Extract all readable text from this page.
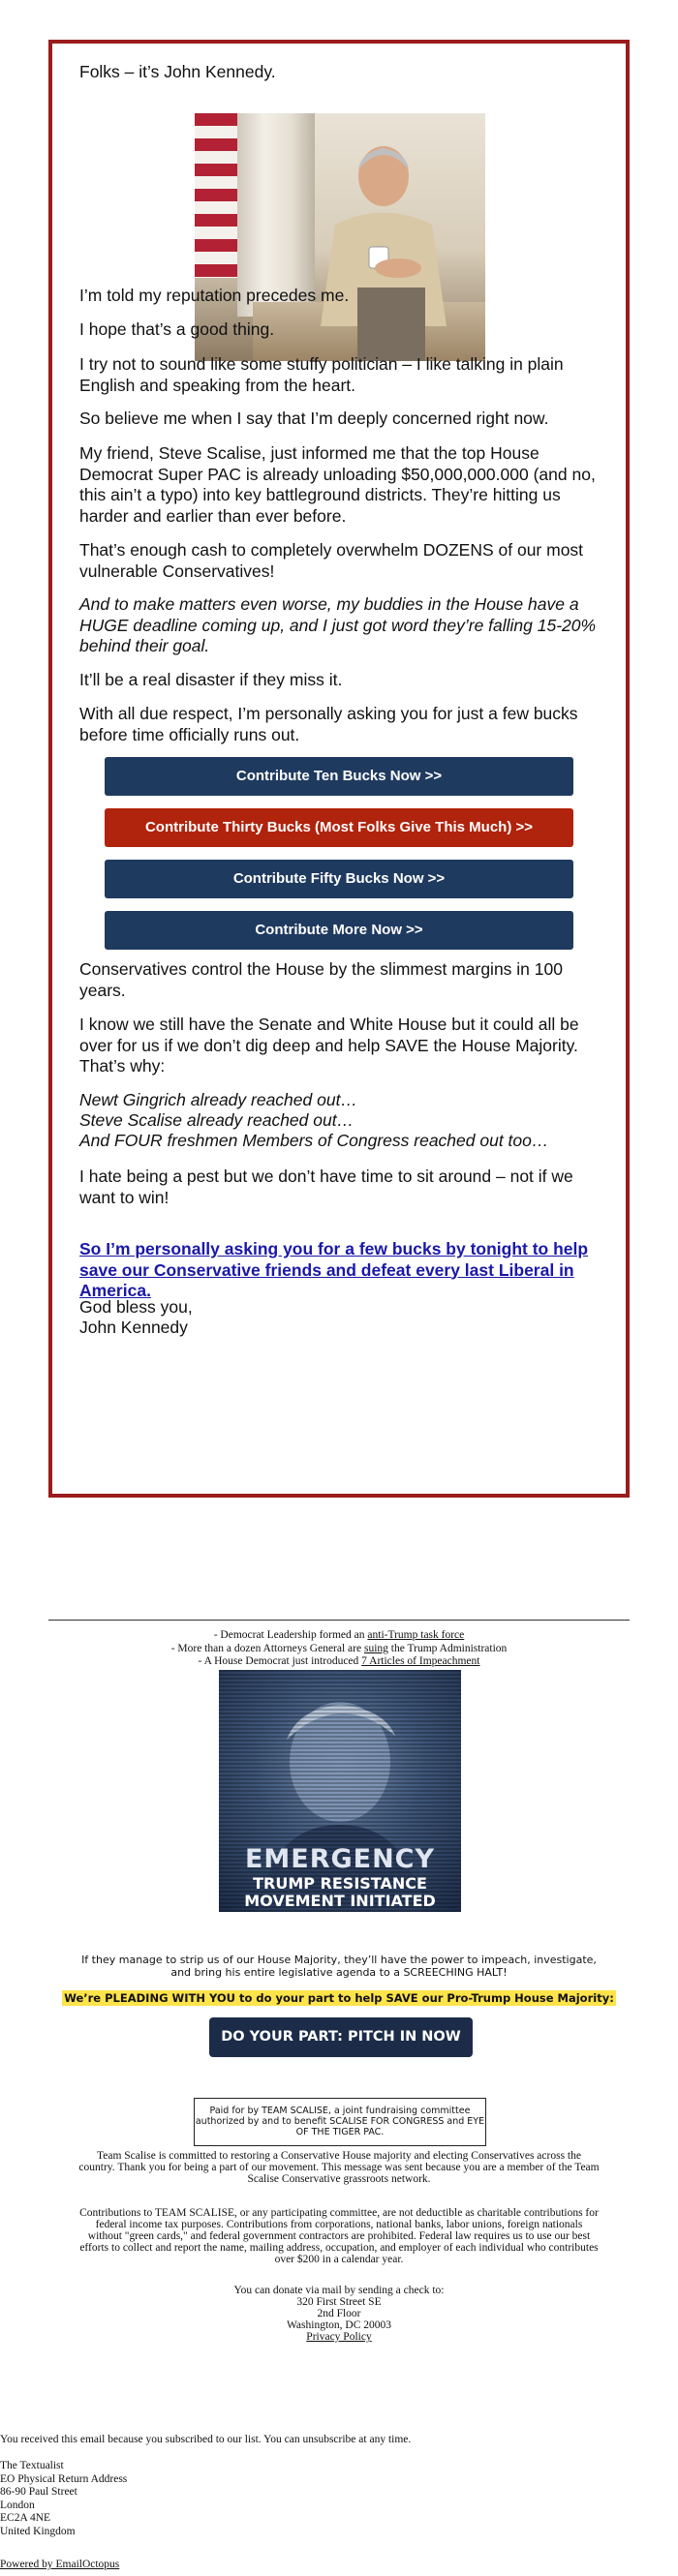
Folks – it’s John Kennedy.

I’m told my reputation precedes me.

I hope that’s a good thing.

I try not to sound like some stuffy politician – I like talking in plain English and speaking from the heart.

So believe me when I say that I’m deeply concerned right now.

My friend, Steve Scalise, just informed me that the top House Democrat Super PAC is already unloading $50,000,000.000 (and no, this ain’t a typo) into key battleground districts. They’re hitting us harder and earlier than ever before.

That’s enough cash to completely overwhelm DOZENS of our most vulnerable Conservatives!

And to make matters even worse, my buddies in the House have a HUGE deadline coming up, and I just got word they’re falling 15-20% behind their goal.

It’ll be a real disaster if they miss it.

With all due respect, I’m personally asking you for just a few bucks before time officially runs out.

Contribute Ten Bucks Now >>
Contribute Thirty Bucks (Most Folks Give This Much) >>
Contribute Fifty Bucks Now >>
Contribute More Now >>

Conservatives control the House by the slimmest margins in 100 years.

I know we still have the Senate and White House but it could all be over for us if we don’t dig deep and help SAVE the House Majority. That’s why:

Newt Gingrich already reached out…

Steve Scalise already reached out…

And FOUR freshmen Members of Congress reached out too…

I hate being a pest but we don’t have time to sit around – not if we want to win!

So I’m personally asking you for a few bucks by tonight to help save our Conservative friends and defeat every last Liberal in America.

God bless you,

John Kennedy

- Democrat Leadership formed an anti-Trump task force
- More than a dozen Attorneys General are suing the Trump Administration
- A House Democrat just introduced 7 Articles of Impeachment
EMERGENCY
TRUMP RESISTANCE
MOVEMENT INITIATED
If they manage to strip us of our House Majority, they’ll have the power to impeach, investigate, and bring his entire legislative agenda to a SCREECHING HALT!
We’re PLEADING WITH YOU to do your part to help SAVE our Pro-Trump House Majority:
DO YOUR PART: PITCH IN NOW
Paid for by TEAM SCALISE, a joint fundraising committee authorized by and to benefit SCALISE FOR CONGRESS and EYE OF THE TIGER PAC.
Team Scalise is committed to restoring a Conservative House majority and electing Conservatives across the country. Thank you for being a part of our movement. This message was sent because you are a member of the Team Scalise Conservative grassroots network.
Contributions to TEAM SCALISE, or any participating committee, are not deductible as charitable contributions for federal income tax purposes. Contributions from corporations, national banks, labor unions, foreign nationals without "green cards," and federal government contractors are prohibited. Federal law requires us to use our best efforts to collect and report the name, mailing address, occupation, and employer of each individual who contributes over $200 in a calendar year.
You can donate via mail by sending a check to:
320 First Street SE
2nd Floor
Washington, DC 20003
Privacy Policy
You received this email because you subscribed to our list. You can unsubscribe at any time.
The Textualist
EO Physical Return Address
86-90 Paul Street
London
EC2A 4NE
United Kingdom
Powered by EmailOctopus
